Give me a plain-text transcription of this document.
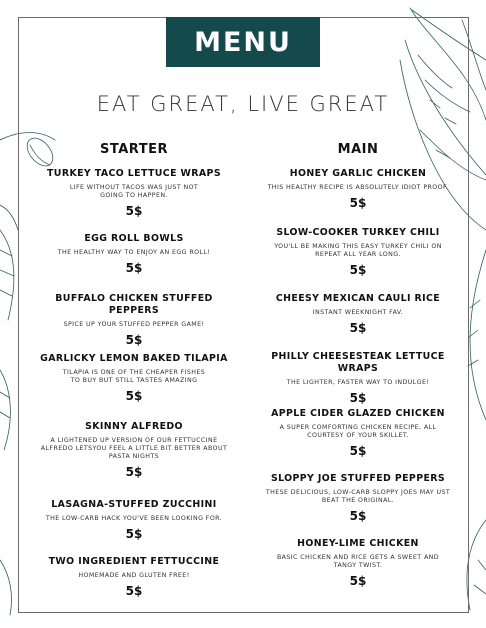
MENU
EAT GREAT, LIVE GREAT
STARTER
TURKEY TACO LETTUCE WRAPS
LIFE WITHOUT TACOS WAS JUST NOT GOING TO HAPPEN.
5$
EGG ROLL BOWLS
THE HEALTHY WAY TO ENJOY AN EGG ROLL!
5$
BUFFALO CHICKEN STUFFED PEPPERS
SPICE UP YOUR STUFFED PEPPER GAME!
5$
GARLICKY LEMON BAKED TILAPIA
TILAPIA IS ONE OF THE CHEAPER FISHES TO BUY BUT STILL TASTES AMAZING
5$
SKINNY ALFREDO
A LIGHTENED UP VERSION OF OUR FETTUCCINE ALFREDO LETSYOU FEEL A LITTLE BIT BETTER ABOUT PASTA NIGHTS
5$
LASAGNA-STUFFED ZUCCHINI
THE LOW-CARB HACK YOU'VE BEEN LOOKING FOR.
5$
TWO INGREDIENT FETTUCCINE
HOMEMADE AND GLUTEN FREE!
5$
MAIN
HONEY GARLIC CHICKEN
THIS HEALTHY RECIPE IS ABSOLUTELY IDIOT PROOF.
5$
SLOW-COOKER TURKEY CHILI
YOU'LL BE MAKING THIS EASY TURKEY CHILI ON REPEAT ALL YEAR LONG.
5$
CHEESY MEXICAN CAULI RICE
INSTANT WEEKNIGHT FAV.
5$
PHILLY CHEESESTEAK LETTUCE WRAPS
THE LIGHTER, FASTER WAY TO INDULGE!
5$
APPLE CIDER GLAZED CHICKEN
A SUPER COMFORTING CHICKEN RECIPE, ALL COURTESY OF YOUR SKILLET.
5$
SLOPPY JOE STUFFED PEPPERS
THESE DELICIOUS, LOW-CARB SLOPPY JOES MAY UST BEAT THE ORIGINAL.
5$
HONEY-LIME CHICKEN
BASIC CHICKEN AND RICE GETS A SWEET AND TANGY TWIST.
5$
